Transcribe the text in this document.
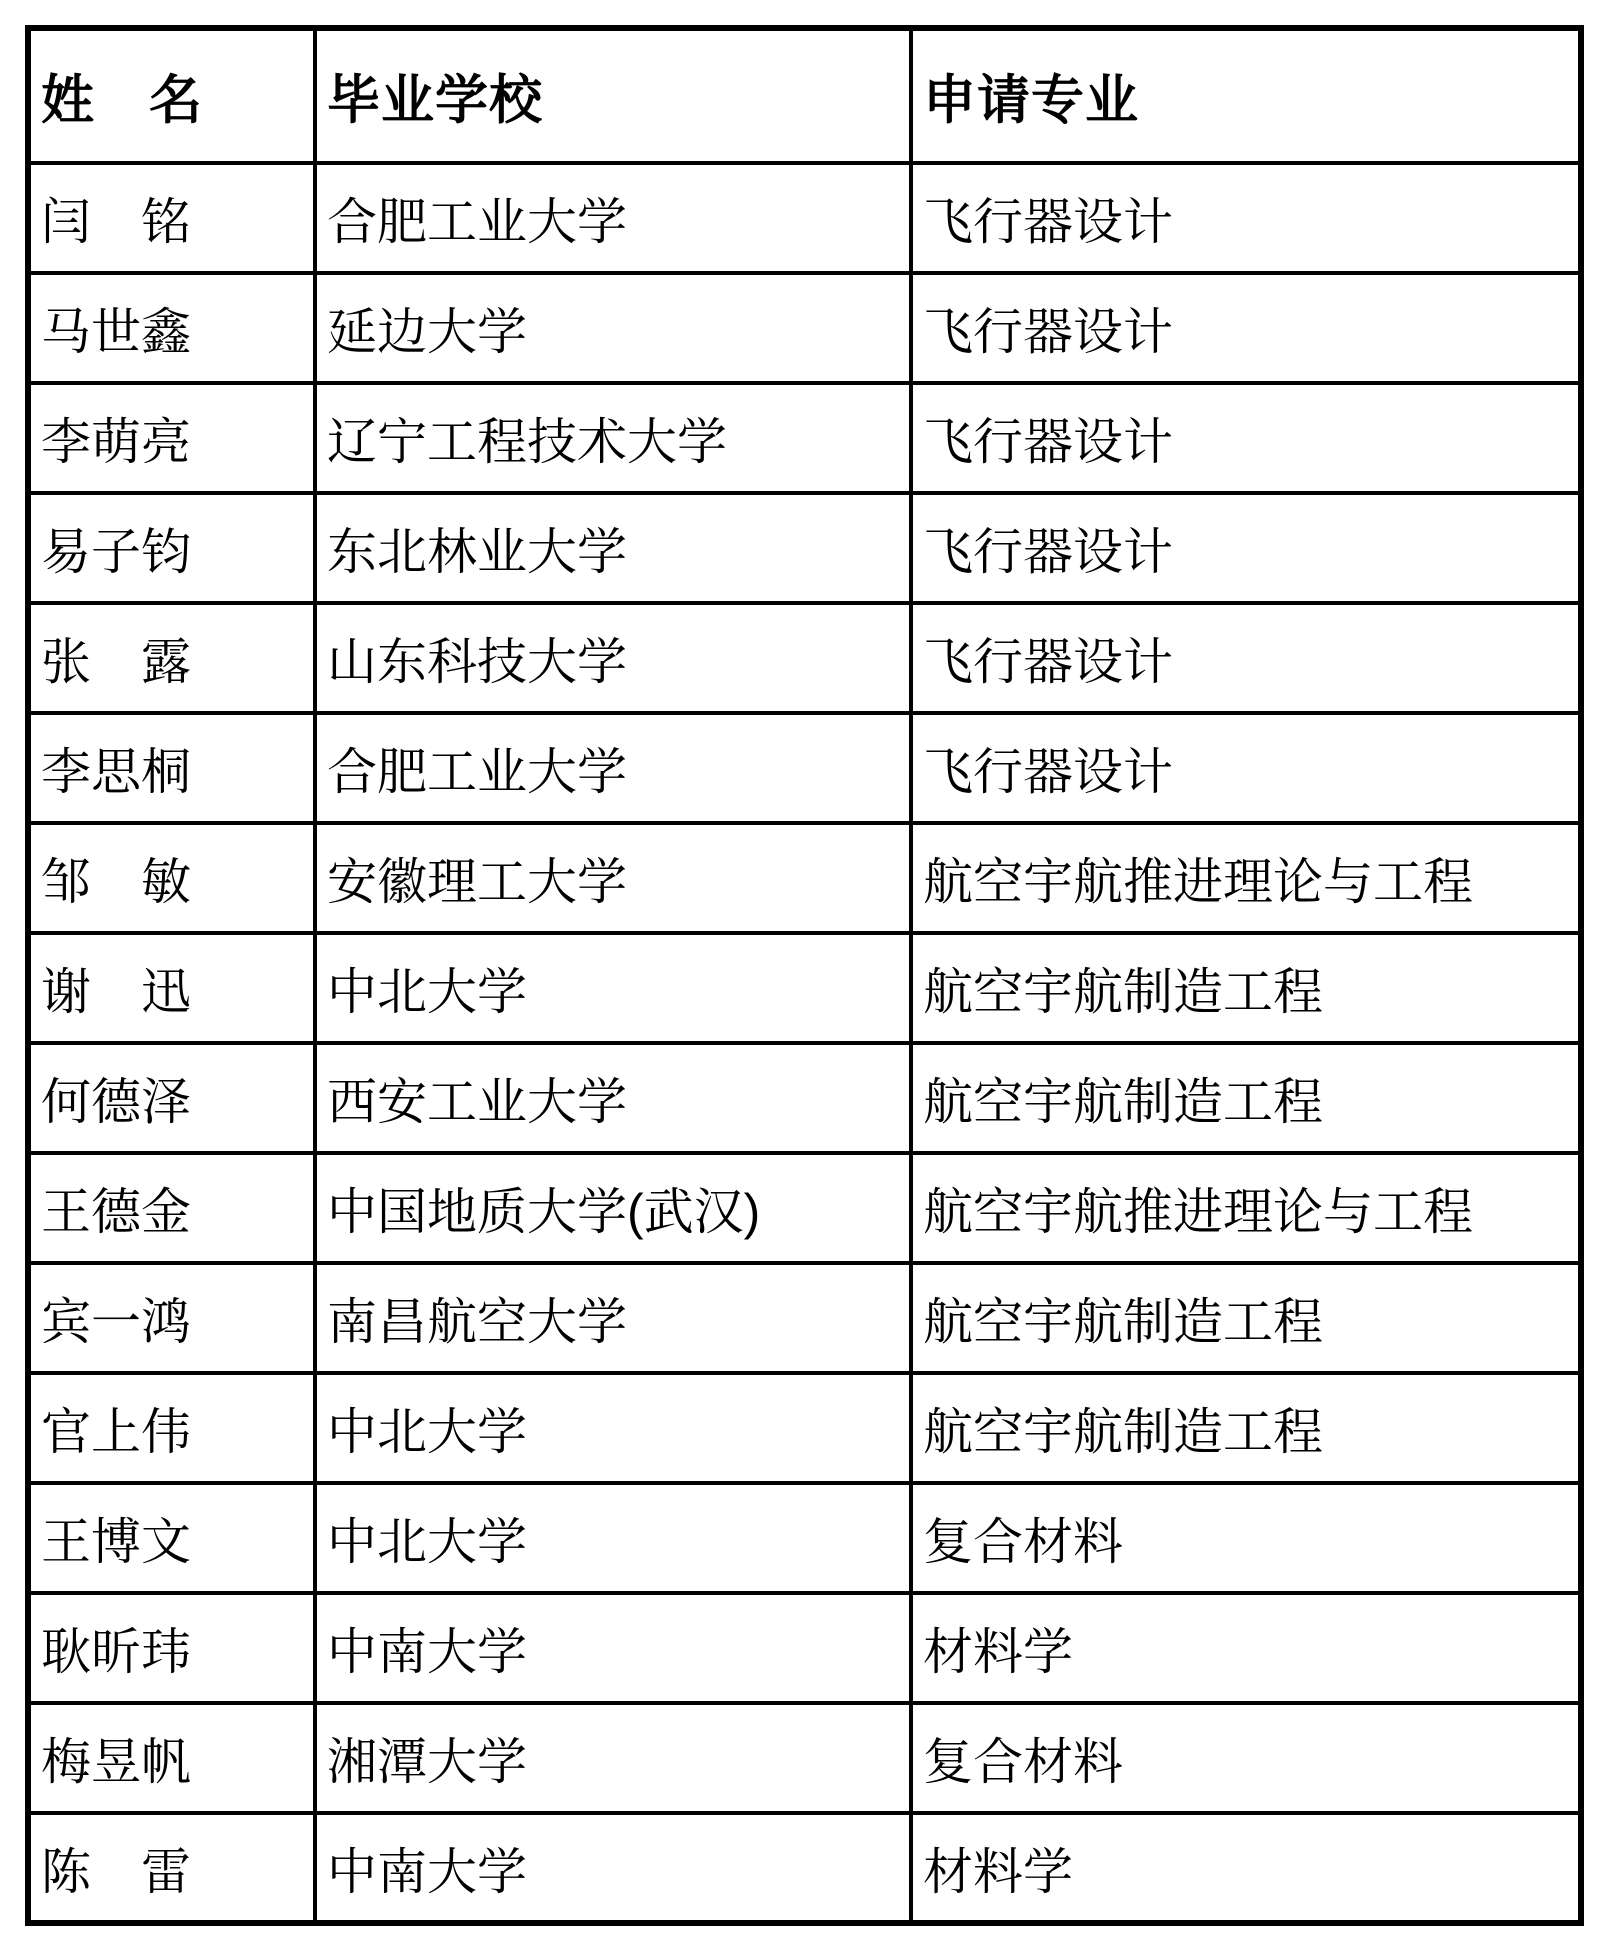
姓　名	毕业学校	申请专业
闫　铭	合肥工业大学	飞行器设计
马世鑫	延边大学	飞行器设计
李萌亮	辽宁工程技术大学	飞行器设计
易子钧	东北林业大学	飞行器设计
张　露	山东科技大学	飞行器设计
李思桐	合肥工业大学	飞行器设计
邹　敏	安徽理工大学	航空宇航推进理论与工程
谢　迅	中北大学	航空宇航制造工程
何德泽	西安工业大学	航空宇航制造工程
王德金	中国地质大学(武汉)	航空宇航推进理论与工程
宾一鸿	南昌航空大学	航空宇航制造工程
官上伟	中北大学	航空宇航制造工程
王博文	中北大学	复合材料
耿昕玮	中南大学	材料学
梅昱帆	湘潭大学	复合材料
陈　雷	中南大学	材料学
